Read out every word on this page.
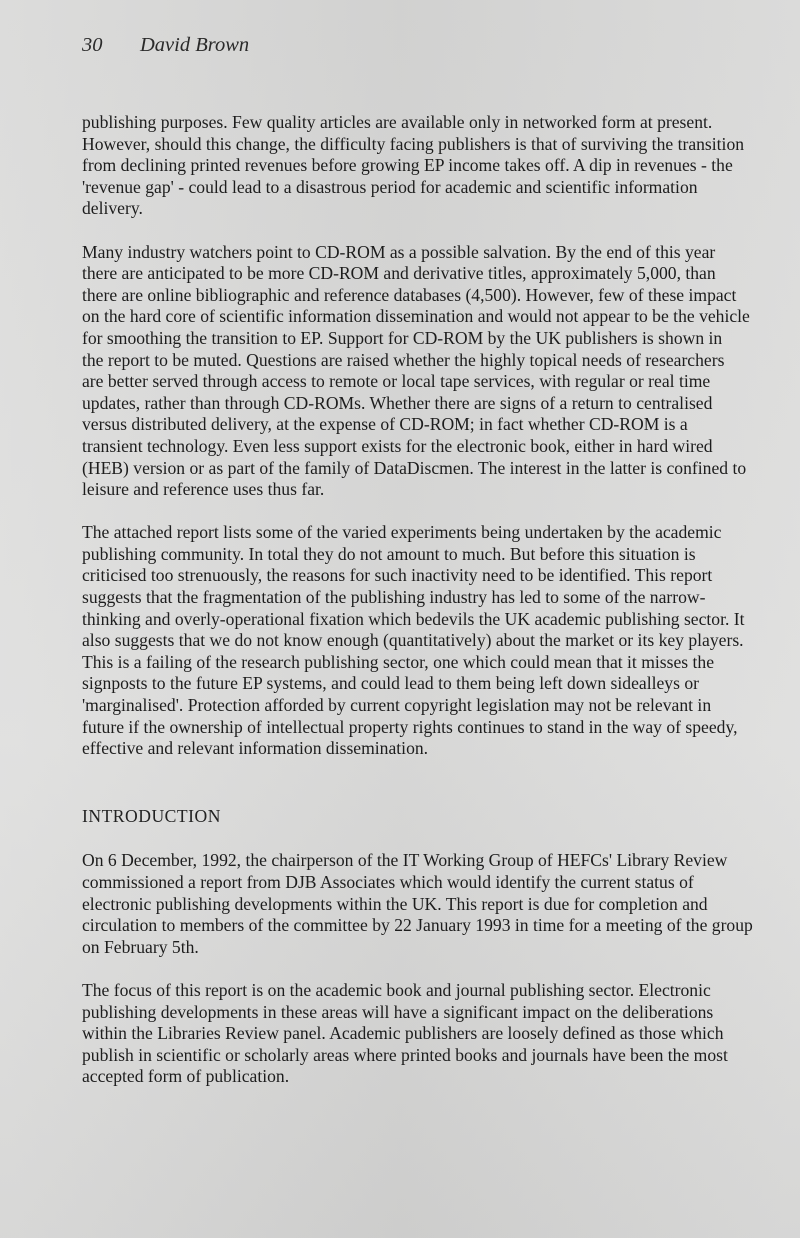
30 David Brown

publishing purposes. Few quality articles are available only in networked form at present.
However, should this change, the difficulty facing publishers is that of surviving the transition
from declining printed revenues before growing EP income takes off. A dip in revenues - the
'revenue gap' - could lead to a disastrous period for academic and scientific information
delivery.

Many industry watchers point to CD-ROM as a possible salvation. By the end of this year
there are anticipated to be more CD-ROM and derivative titles, approximately 5,000, than
there are online bibliographic and reference databases (4,500). However, few of these impact
on the hard core of scientific information dissemination and would not appear to be the vehicle
for smoothing the transition to EP. Support for CD-ROM by the UK publishers is shown in
the report to be muted. Questions are raised whether the highly topical needs of researchers
are better served through access to remote or local tape services, with regular or real time
updates, rather than through CD-ROMs. Whether there are signs of a return to centralised
versus distributed delivery, at the expense of CD-ROM; in fact whether CD-ROM is a
transient technology. Even less support exists for the electronic book, either in hard wired
(HEB) version or as part of the family of DataDiscmen. The interest in the latter is confined to
leisure and reference uses thus far.

The attached report lists some of the varied experiments being undertaken by the academic
publishing community. In total they do not amount to much. But before this situation is
criticised too strenuously, the reasons for such inactivity need to be identified. This report
suggests that the fragmentation of the publishing industry has led to some of the narrow-
thinking and overly-operational fixation which bedevils the UK academic publishing sector. It
also suggests that we do not know enough (quantitatively) about the market or its key players.
This is a failing of the research publishing sector, one which could mean that it misses the
signposts to the future EP systems, and could lead to them being left down sidealleys or
'marginalised'. Protection afforded by current copyright legislation may not be relevant in
future if the ownership of intellectual property rights continues to stand in the way of speedy,
effective and relevant information dissemination.

INTRODUCTION

On 6 December, 1992, the chairperson of the IT Working Group of HEFCs' Library Review
commissioned a report from DJB Associates which would identify the current status of
electronic publishing developments within the UK. This report is due for completion and
circulation to members of the committee by 22 January 1993 in time for a meeting of the group
on February 5th.

The focus of this report is on the academic book and journal publishing sector. Electronic
publishing developments in these areas will have a significant impact on the deliberations
within the Libraries Review panel. Academic publishers are loosely defined as those which
publish in scientific or scholarly areas where printed books and journals have been the most
accepted form of publication.
